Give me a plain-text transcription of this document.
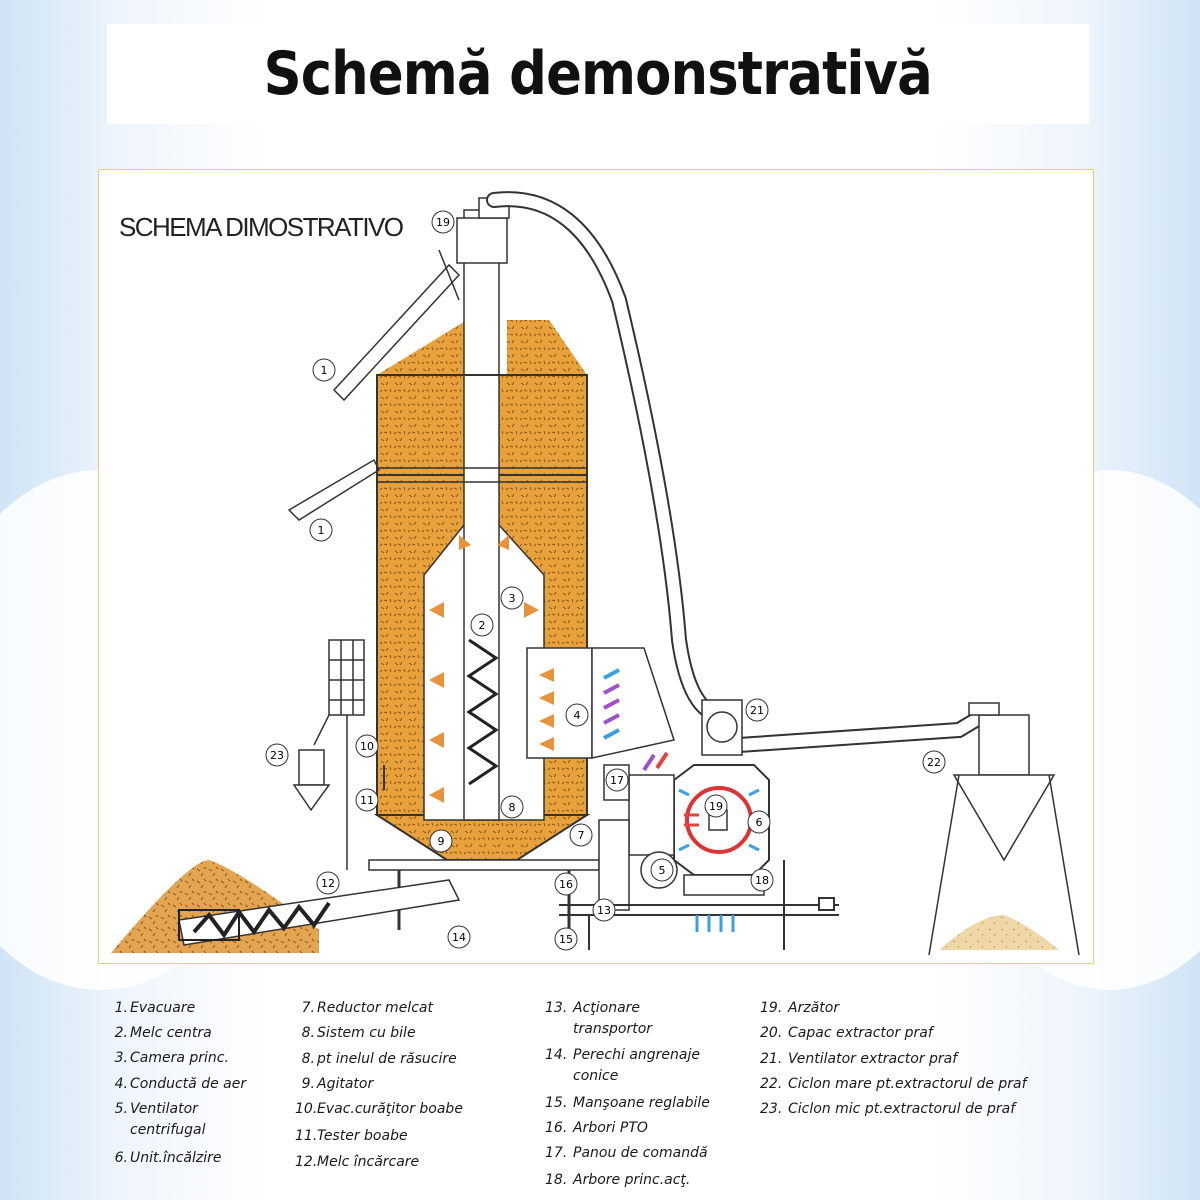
Schemă demonstrativă
SCHEMA DIMOSTRATIVO	19
1
1
2
3
4
5
6
7
8
9
10
11
12
13
14	15
16
17
18
19
21
22
23
1. Evacuare
2. Melc centra
3. Camera princ.
4. Conductă de aer
5. Ventilator centrifugal
6. Unit.încălzire
7. Reductor melcat
8. Sistem cu bile
8. pt inelul de răsucire
9. Agitator
10. Evac.curăţitor boabe
11. Tester boabe
12. Melc încărcare
13. Acţionare transportor
14. Perechi angrenaje conice
15. Manşoane reglabile
16. Arbori PTO
17. Panou de comandă
18. Arbore princ.acţ.
19. Arzător
20. Capac extractor praf
21. Ventilator extractor praf
22. Ciclon mare pt.extractorul de praf
23. Ciclon mic pt.extractorul de praf
